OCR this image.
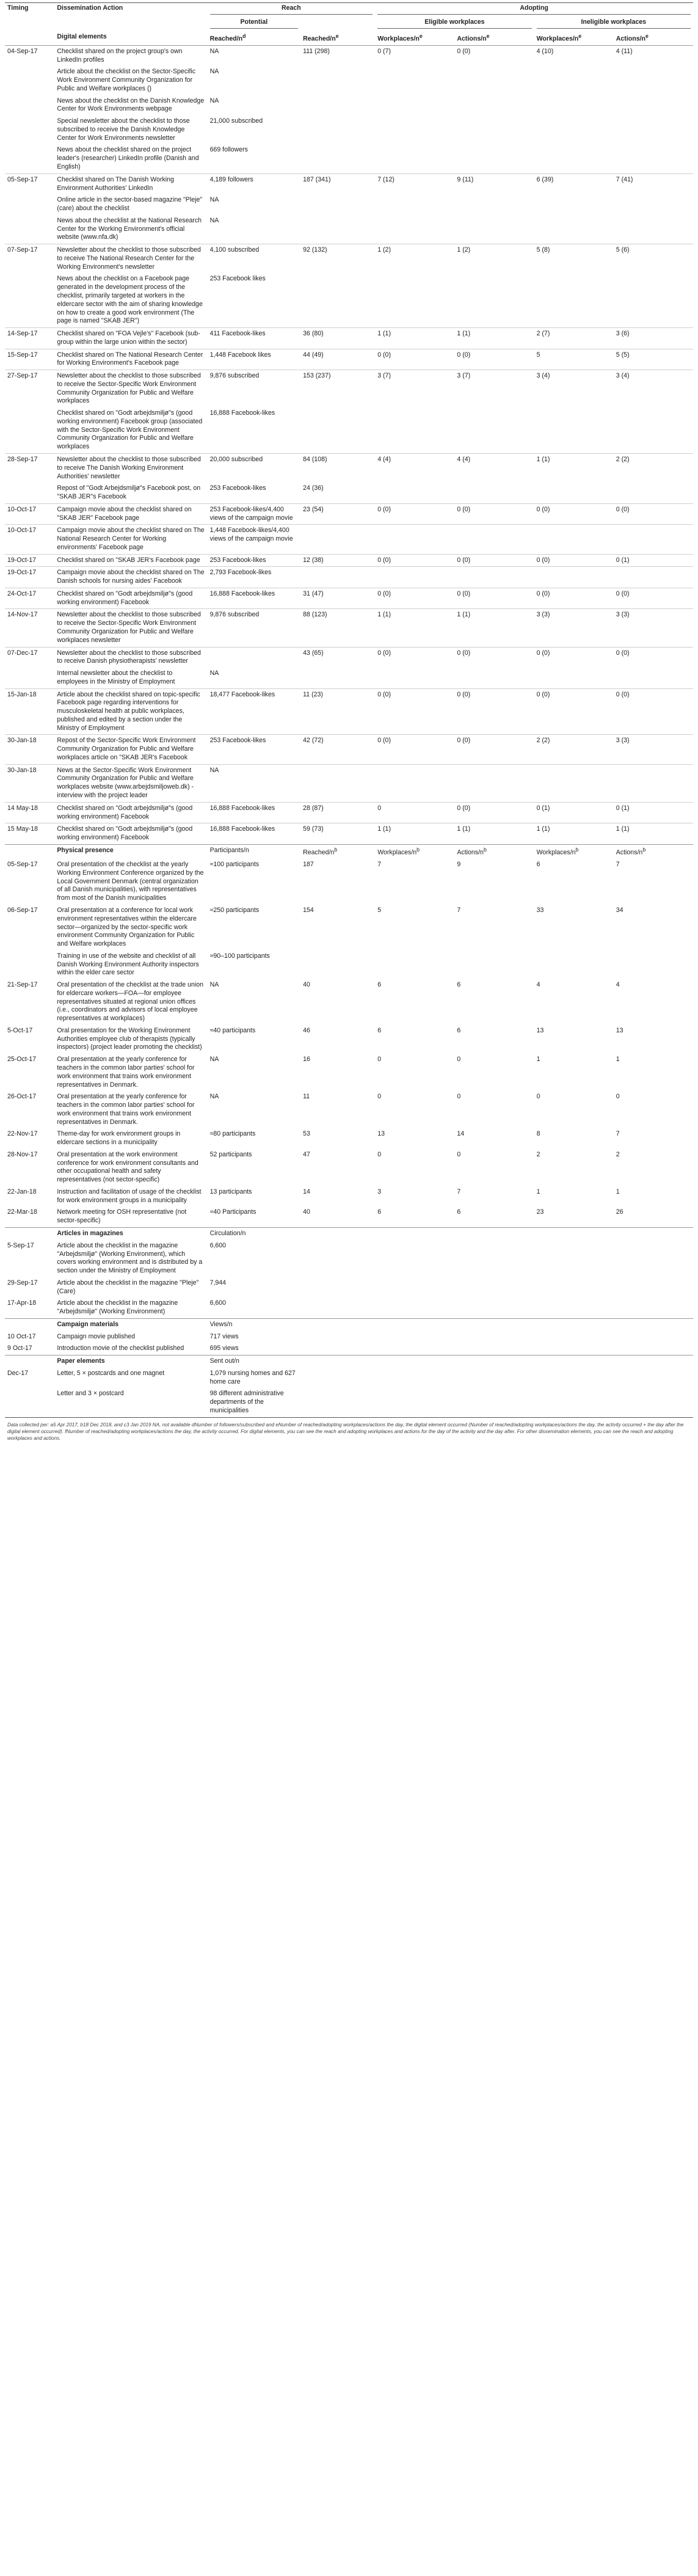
Timing	Dissemination Action	Reach		Adopting			

		Potential		Eligible workplaces		Ineligible workplaces	

	Digital elements	Reached/$n^d$	Reached/$n^e$	Workplaces/$n^e$	Actions/$n^e$	Workplaces/$n^e$	Actions/$n^e$
04-Sep-17	Checklist shared on the project group's own LinkedIn profiles	NA	111 (298)	0 (7)	0 (0)	4 (10)	4 (11)
	Article about the checklist on the Sector-Specific Work Environment Community Organization for Public and Welfare workplaces ()	NA					
	News about the checklist on the Danish Knowledge Center for Work Environments webpage	NA					
	Special newsletter about the checklist to those subscribed to receive the Danish Knowledge Center for Work Environments newsletter	21,000 subscribed					
	News about the checklist shared on the project leader's (researcher) LinkedIn profile (Danish and English)	669 followers					
05-Sep-17	Checklist shared on The Danish Working Environment Authorities' LinkedIn	4,189 followers	187 (341)	7 (12)	9 (11)	6 (39)	7 (41)
	Online article in the sector-based magazine "Pleje" (care) about the checklist	NA					
	News about the checklist at the National Research Center for the Working Environment's official website (www.nfa.dk)	NA					
07-Sep-17	Newsletter about the checklist to those subscribed to receive The National Research Center for the Working Environment's newsletter	4,100 subscribed	92 (132)	1 (2)	1 (2)	5 (8)	5 (6)
	News about the checklist on a Facebook page generated in the development process of the checklist, primarily targeted at workers in the eldercare sector with the aim of sharing knowledge on how to create a good work environment (The page is named "SKAB JER")	253 Facebook likes					
14-Sep-17	Checklist shared on "FOA Vejle's" Facebook (sub-group within the large union within the sector)	411 Facebook-likes	36 (80)	1 (1)	1 (1)	2 (7)	3 (6)
15-Sep-17	Checklist shared on The National Research Center for Working Environment's Facebook page	1,448 Facebook likes	44 (49)	0 (0)	0 (0)	5	5 (5)
27-Sep-17	Newsletter about the checklist to those subscribed to receive the Sector-Specific Work Environment Community Organization for Public and Welfare workplaces	9,876 subscribed	153 (237)	3 (7)	3 (7)	3 (4)	3 (4)
	Checklist shared on "Godt arbejdsmiljø"s (good working environment) Facebook group (associated with the Sector-Specific Work Environment Community Organization for Public and Welfare workplaces	16,888 Facebook-likes					
28-Sep-17	Newsletter about the checklist to those subscribed to receive The Danish Working Environment Authorities' newsletter	20,000 subscribed	84 (108)	4 (4)	4 (4)	1 (1)	2 (2)
	Repost of "Godt Arbejdsmiljø"s Facebook post, on "SKAB JER"s Facebook	253 Facebook-likes	24 (36)				
10-Oct-17	Campaign movie about the checklist shared on "SKAB JER" Facebook page	253 Facebook-likes/4,400 views of the campaign movie	23 (54)	0 (0)	0 (0)	0 (0)	0 (0)
10-Oct-17	Campaign movie about the checklist shared on The National Research Center for Working environments' Facebook page	1,448 Facebook-likes/4,400 views of the campaign movie					
19-Oct-17	Checklist shared on "SKAB JER's Facebook page	253 Facebook-likes	12 (38)	0 (0)	0 (0)	0 (0)	0 (1)
19-Oct-17	Campaign movie about the checklist shared on The Danish schools for nursing aides' Facebook	2,793 Facebook-likes					
24-Oct-17	Checklist shared on "Godt arbejdsmiljø"s (good working environment) Facebook	16,888 Facebook-likes	31 (47)	0 (0)	0 (0)	0 (0)	0 (0)
14-Nov-17	Newsletter about the checklist to those subscribed to receive the Sector-Specific Work Environment Community Organization for Public and Welfare workplaces newsletter	9,876 subscribed	88 (123)	1 (1)	1 (1)	3 (3)	3 (3)
07-Dec-17	Newsletter about the checklist to those subscribed to receive Danish physiotherapists' newsletter		43 (65)	0 (0)	0 (0)	0 (0)	0 (0)
	Internal newsletter about the checklist to employees in the Ministry of Employment	NA					
15-Jan-18	Article about the checklist shared on topic-specific Facebook page regarding interventions for musculoskeletal health at public workplaces, published and edited by a section under the Ministry of Employment	18,477 Facebook-likes	11 (23)	0 (0)	0 (0)	0 (0)	0 (0)
30-Jan-18	Repost of the Sector-Specific Work Environment Community Organization for Public and Welfare workplaces article on "SKAB JER's Facebook	253 Facebook-likes	42 (72)	0 (0)	0 (0)	2 (2)	3 (3)
30-Jan-18	News at the Sector-Specific Work Environment Community Organization for Public and Welfare workplaces website (www.arbejdsmiljoweb.dk) - interview with the project leader	NA					
14 May-18	Checklist shared on "Godt arbejdsmiljø"s (good working environment) Facebook	16,888 Facebook-likes	28 (87)	0	0 (0)	0 (1)	0 (1)
15 May-18	Checklist shared on "Godt arbejdsmiljø"s (good working environment) Facebook	16,888 Facebook-likes	59 (73)	1 (1)	1 (1)	1 (1)	1 (1)
	Physical presence	Participants/n	Reached/$n^b$	Workplaces/$n^b$	Actions/$n^b$	Workplaces/$n^b$	Actions/$n^b$
05-Sep-17	Oral presentation of the checklist at the yearly Working Environment Conference organized by the Local Government Denmark (central organization of all Danish municipalities), with representatives from most of the Danish municipalities	≈100 participants	187	7	9	6	7
06-Sep-17	Oral presentation at a conference for local work environment representatives within the eldercare sector—organized by the sector-specific work environment Community Organization for Public and Welfare workplaces	≈250 participants	154	5	7	33	34
	Training in use of the website and checklist of all Danish Working Environment Authority inspectors within the elder care sector	≈90–100 participants					
21-Sep-17	Oral presentation of the checklist at the trade union for eldercare workers—FOA—for employee representatives situated at regional union offices (i.e., coordinators and advisors of local employee representatives at workplaces)	NA	40	6	6	4	4
5-Oct-17	Oral presentation for the Working Environment Authorities employee club of therapists (typically inspectors) (project leader promoting the checklist)	≈40 participants	46	6	6	13	13
25-Oct-17	Oral presentation at the yearly conference for teachers in the common labor parties' school for work environment that trains work environment representatives in Denmark.	NA	16	0	0	1	1
26-Oct-17	Oral presentation at the yearly conference for teachers in the common labor parties' school for work environment that trains work environment representatives in Denmark.	NA	11	0	0	0	0
22-Nov-17	Theme-day for work environment groups in eldercare sections in a municipality	≈80 participants	53	13	14	8	7
28-Nov-17	Oral presentation at the work environment conference for work environment consultants and other occupational health and safety representatives (not sector-specific)	52 participants	47	0	0	2	2
22-Jan-18	Instruction and facilitation of usage of the checklist for work environment groups in a municipality	13 participants	14	3	7	1	1
22-Mar-18	Network meeting for OSH representative (not sector-specific)	≈40 Participants	40	6	6	23	26
	Articles in magazines	Circulation/n					
5-Sep-17	Article about the checklist in the magazine "Arbejdsmiljø" (Working Environment), which covers working environment and is distributed by a section under the Ministry of Employment	6,600					
29-Sep-17	Article about the checklist in the magazine "Pleje" (Care)	7,944					
17-Apr-18	Article about the checklist in the magazine "Arbejdsmiljø" (Working Environment)	6,600					
	Campaign materials	Views/n					
10 Oct-17	Campaign movie published	717 views					
9 Oct-17	Introduction movie of the checklist published	695 views					
	Paper elements	Sent out/n					
Dec-17	Letter, 5 × postcards and one magnet	1,079 nursing homes and 627 home care					
	Letter and 3 × postcard	98 different administrative departments of the municipalities					
Data collected per: a5 Apr 2017, b18 Dec 2018, and c3 Jan 2019 NA, not available dNumber of followers/subscribed and eNumber of reached/adopting workplaces/actions the day, the digital element occurred (Number of reached/adopting workplaces/actions the day, the activity occurred + the day after the digital element occurred). fNumber of reached/adopting workplaces/actions the day, the activity occurred. For digital elements, you can see the reach and adopting workplaces and actions for the day of the activity and the day after. For other dissemination elements, you can see the reach and adopting workplaces and actions.
